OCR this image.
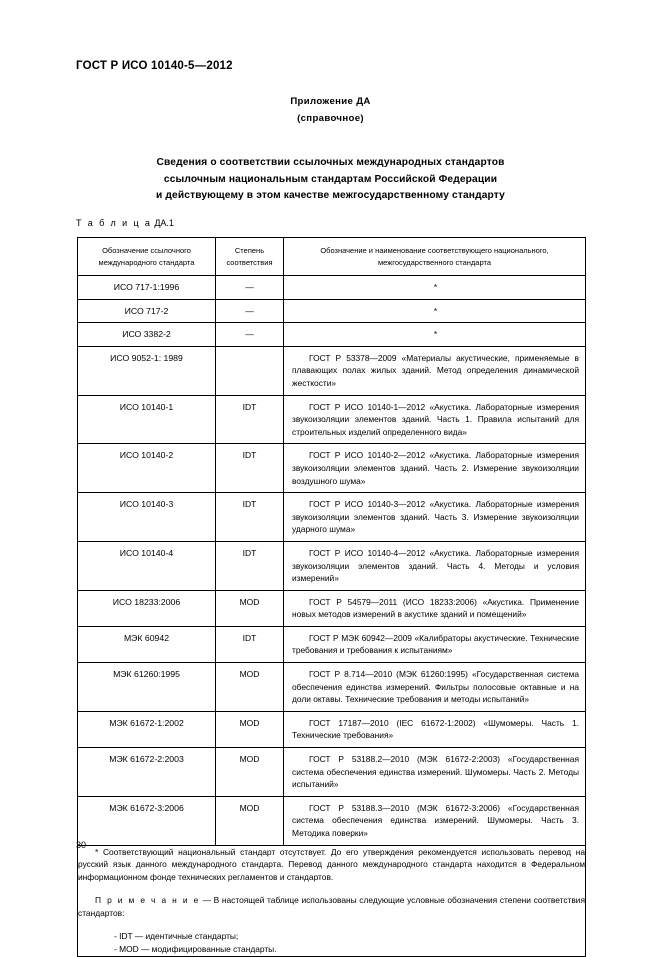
ГОСТ Р ИСО 10140-5—2012
Приложение ДА
(справочное)
Сведения о соответствии ссылочных международных стандартов
ссылочным национальным стандартам Российской Федерации
и действующему в этом качестве межгосударственному стандарту
Т а б л и ц а ДА.1
Обозначение ссылочного международного стандарта	Степень соответствия	Обозначение и наименование соответствующего национального, межгосударственного стандарта

ИСО 717-1:1996	—	*

ИСО 717-2	—	*

ИСО 3382-2	—	*

ИСО 9052-1: 1989		ГОСТ Р 53378—2009 «Материалы акустические, применяемые в плавающих полах жилых зданий. Метод определения динамической жесткости»

ИСО 10140-1	IDT	ГОСТ Р ИСО 10140-1—2012 «Акустика. Лабораторные измерения звукоизоляции элементов зданий. Часть 1. Правила испытаний для строительных изделий определенного вида»

ИСО 10140-2	IDT	ГОСТ Р ИСО 10140-2—2012 «Акустика. Лабораторные измерения звукоизоляции элементов зданий. Часть 2. Измерение звукоизоляции воздушного шума»

ИСО 10140-3	IDT	ГОСТ Р ИСО 10140-3—2012 «Акустика. Лабораторные измерения звукоизоляции элементов зданий. Часть 3. Измерение звукоизоляции ударного шума»

ИСО 10140-4	IDT	ГОСТ Р ИСО 10140-4—2012 «Акустика. Лабораторные измерения звукоизоляции элементов зданий. Часть 4. Методы и условия измерений»

ИСО 18233:2006	MOD	ГОСТ Р 54579—2011 (ИСО 18233:2006) «Акустика. Применение новых методов измерений в акустике зданий и помещений»

МЭК 60942	IDT	ГОСТ Р МЭК 60942—2009 «Калибраторы акустические. Технические требования и требования к испытаниям»

МЭК 61260:1995	MOD	ГОСТ Р 8.714—2010 (МЭК 61260:1995) «Государственная система обеспечения единства измерений. Фильтры полосовые октавные и на доли октавы. Технические требования и методы испытаний»

МЭК 61672-1:2002	MOD	ГОСТ 17187—2010 (IEC 61672-1:2002) «Шумомеры. Часть 1. Технические требования»

МЭК 61672-2:2003	MOD	ГОСТ Р 53188.2—2010 (МЭК 61672-2:2003) «Государственная система обеспечения единства измерений. Шумомеры. Часть 2. Методы испытаний»

МЭК 61672-3:2006	MOD	ГОСТ Р 53188.3—2010 (МЭК 61672-3:2006) «Государственная система обеспечения единства измерений. Шумомеры. Часть 3. Методика поверки»

* Соответствующий национальный стандарт отсутствует. До его утверждения рекомендуется использовать перевод на русский язык данного международного стандарта. Перевод данного международного стандарта находится в Федеральном информационном фонде технических регламентов и стандартов.

П р и м е ч а н и е — В настоящей таблице использованы следующие условные обозначения степени соответствия стандартов:

- IDT — идентичные стандарты;

- MOD — модифицированные стандарты.		

30
